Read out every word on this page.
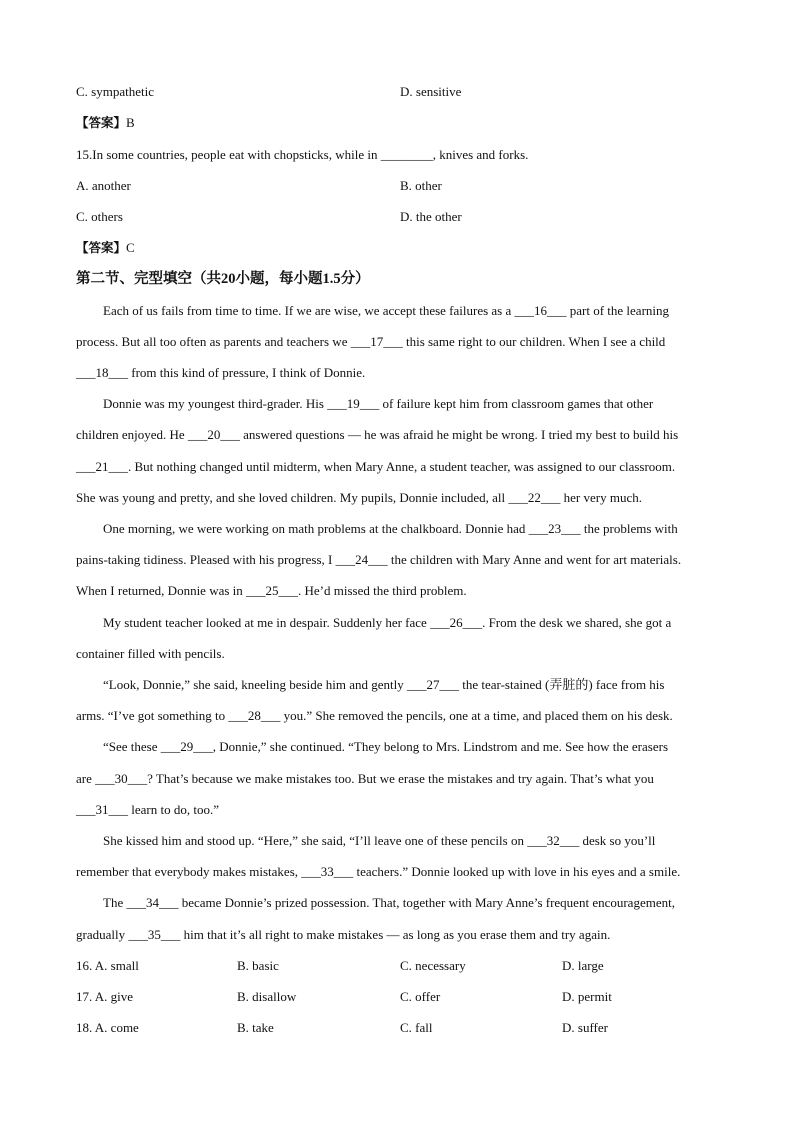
C. sympathetic	D. sensitive
【答案】B
15.In some countries, people eat with chopsticks, while in ________, knives and forks.
A. another	B. other
C. others	D. the other
【答案】C
第二节、完型填空（共20小题，每小题1.5分）
Each of us fails from time to time. If we are wise, we accept these failures as a ___16___ part of the learning
process. But all too often as parents and teachers we ___17___ this same right to our children. When I see a child
___18___ from this kind of pressure, I think of Donnie.
Donnie was my youngest third-grader. His ___19___ of failure kept him from classroom games that other
children enjoyed. He ___20___ answered questions — he was afraid he might be wrong. I tried my best to build his
___21___. But nothing changed until midterm, when Mary Anne, a student teacher, was assigned to our classroom.
She was young and pretty, and she loved children. My pupils, Donnie included, all ___22___ her very much.
One morning, we were working on math problems at the chalkboard. Donnie had ___23___ the problems with
pains-taking tidiness. Pleased with his progress, I ___24___ the children with Mary Anne and went for art materials.
When I returned, Donnie was in ___25___. He’d missed the third problem.
My student teacher looked at me in despair. Suddenly her face ___26___. From the desk we shared, she got a
container filled with pencils.
“Look, Donnie,” she said, kneeling beside him and gently ___27___ the tear-stained (弄脏的) face from his
arms. “I’ve got something to ___28___ you.” She removed the pencils, one at a time, and placed them on his desk.
“See these ___29___, Donnie,” she continued. “They belong to Mrs. Lindstrom and me. See how the erasers
are ___30___? That’s because we make mistakes too. But we erase the mistakes and try again. That’s what you
___31___ learn to do, too.”
She kissed him and stood up. “Here,” she said, “I’ll leave one of these pencils on ___32___ desk so you’ll
remember that everybody makes mistakes, ___33___ teachers.” Donnie looked up with love in his eyes and a smile.
The ___34___ became Donnie’s prized possession. That, together with Mary Anne’s frequent encouragement,
gradually ___35___ him that it’s all right to make mistakes — as long as you erase them and try again.
16. A. small	B. basic	C. necessary	D. large
17. A. give	B. disallow	C. offer	D. permit
18. A. come	B. take	C. fall	D. suffer
